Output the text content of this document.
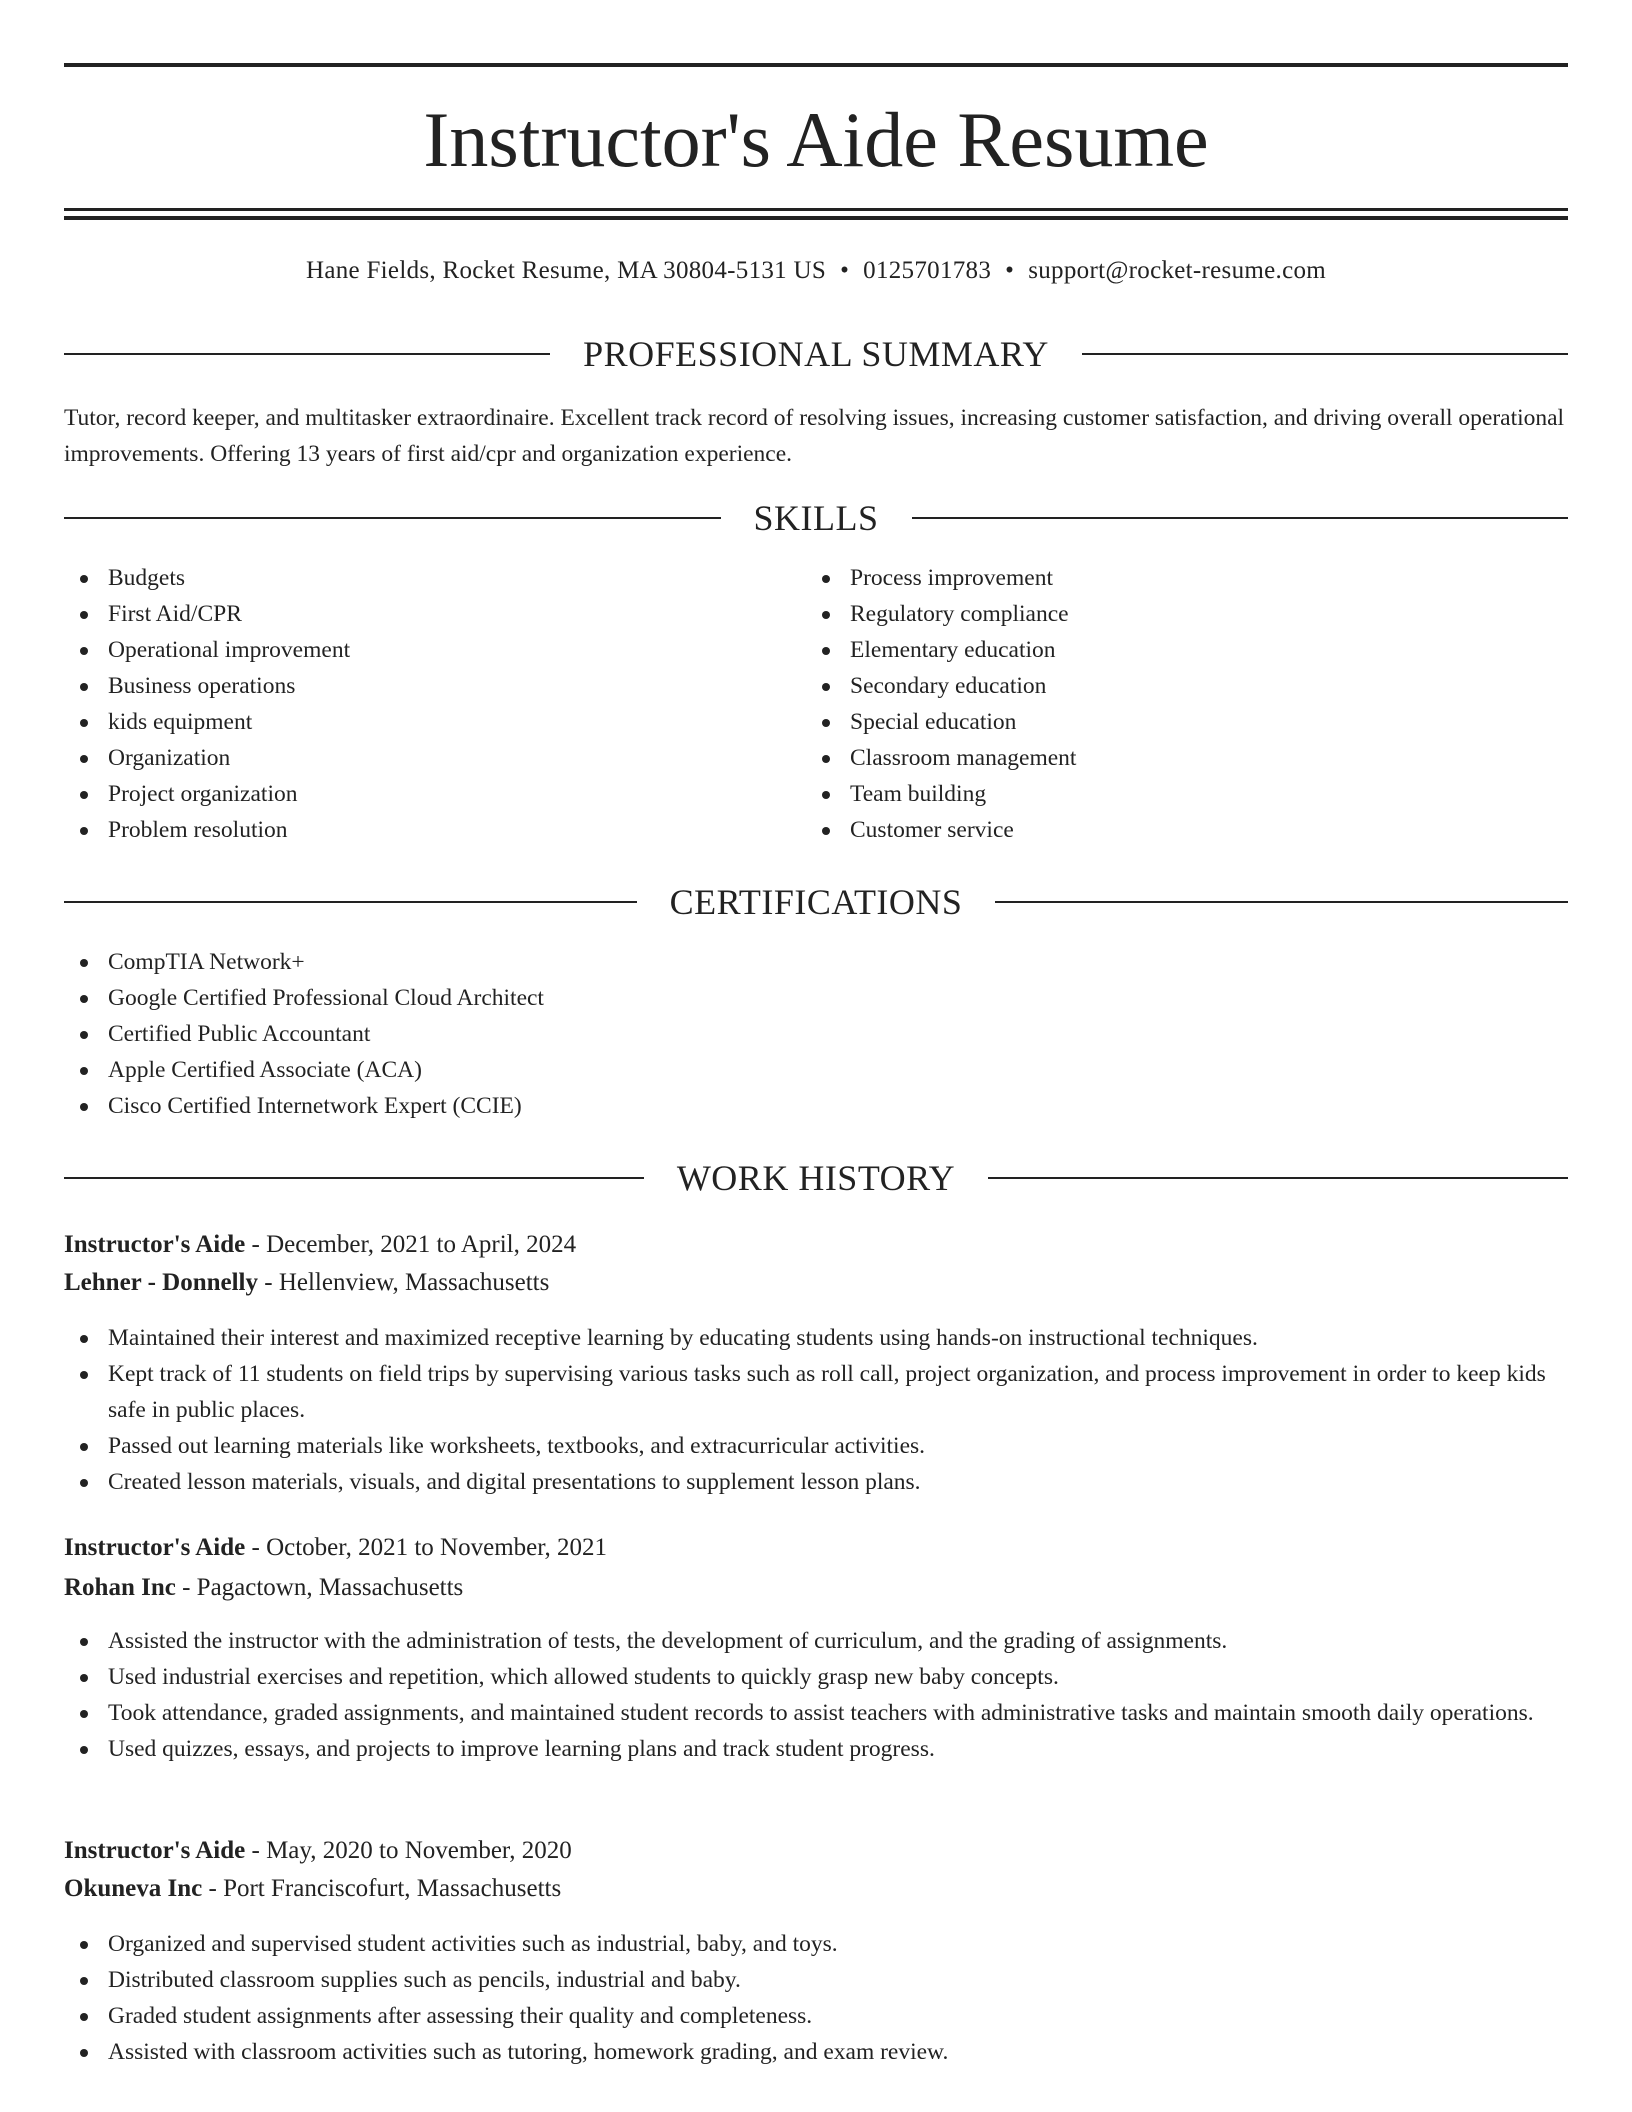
Instructor's Aide Resume
Hane Fields, Rocket Resume, MA 30804-5131 US • 0125701783 • support@rocket-resume.com
PROFESSIONAL SUMMARY

Tutor, record keeper, and multitasker extraordinaire. Excellent track record of resolving issues, increasing customer satisfaction, and driving overall operational improvements. Offering 13 years of first aid/cpr and organization experience.

SKILLS
Budgets
First Aid/CPR
Operational improvement
Business operations
kids equipment
Organization
Project organization
Problem resolution
Process improvement
Regulatory compliance
Elementary education
Secondary education
Special education
Classroom management
Team building
Customer service
CERTIFICATIONS
CompTIA Network+
Google Certified Professional Cloud Architect
Certified Public Accountant
Apple Certified Associate (ACA)
Cisco Certified Internetwork Expert (CCIE)
WORK HISTORY
Instructor's Aide - December, 2021 to April, 2024
Lehner - Donnelly - Hellenview, Massachusetts
Maintained their interest and maximized receptive learning by educating students using hands-on instructional techniques.
Kept track of 11 students on field trips by supervising various tasks such as roll call, project organization, and process improvement in order to keep kids safe in public places.
Passed out learning materials like worksheets, textbooks, and extracurricular activities.
Created lesson materials, visuals, and digital presentations to supplement lesson plans.
Instructor's Aide - October, 2021 to November, 2021
Rohan Inc - Pagactown, Massachusetts
Assisted the instructor with the administration of tests, the development of curriculum, and the grading of assignments.
Used industrial exercises and repetition, which allowed students to quickly grasp new baby concepts.
Took attendance, graded assignments, and maintained student records to assist teachers with administrative tasks and maintain smooth daily operations.
Used quizzes, essays, and projects to improve learning plans and track student progress.
Instructor's Aide - May, 2020 to November, 2020
Okuneva Inc - Port Franciscofurt, Massachusetts
Organized and supervised student activities such as industrial, baby, and toys.
Distributed classroom supplies such as pencils, industrial and baby.
Graded student assignments after assessing their quality and completeness.
Assisted with classroom activities such as tutoring, homework grading, and exam review.
